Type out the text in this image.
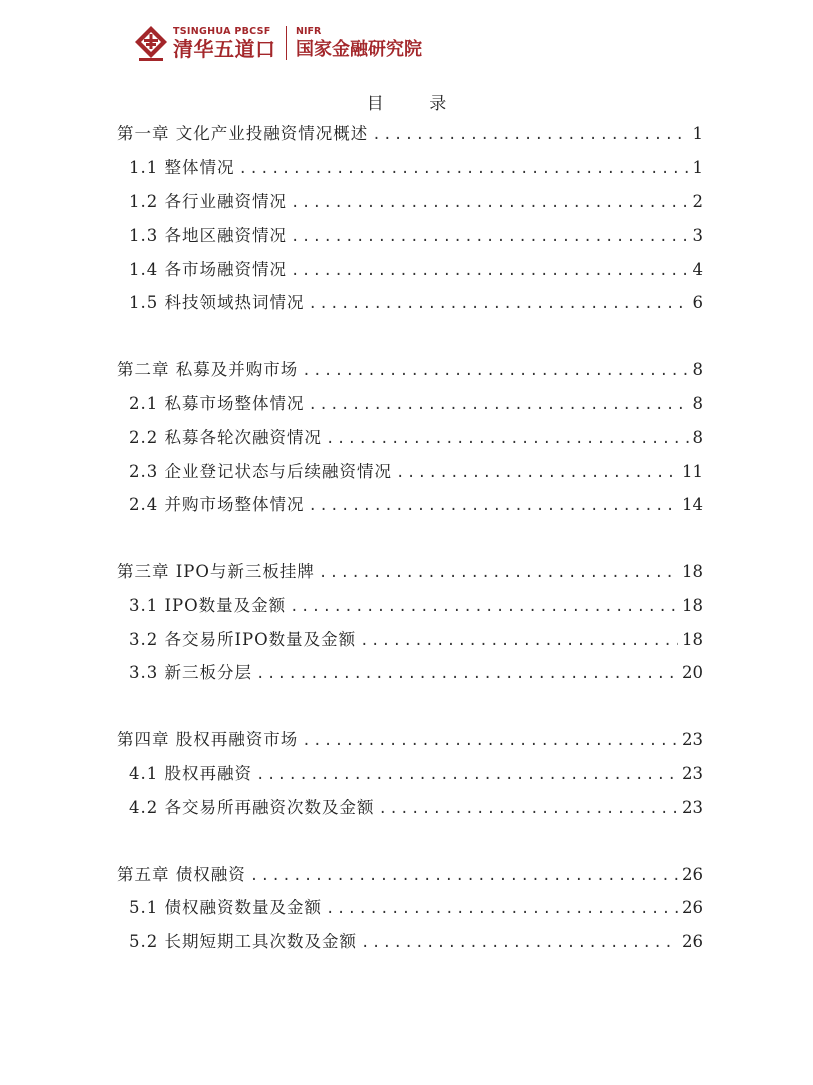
TSINGHUA PBCSF
清华五道口
NIFR
国家金融研究院
目 录
第一章 文化产业投融资情况概述 .....	1
1.1 整体情况 .....	1
1.2 各行业融资情况 .....	2
1.3 各地区融资情况 .....	3
1.4 各市场融资情况 .....	4
1.5 科技领域热词情况 .....	6
第二章 私募及并购市场 .....	8
2.1 私募市场整体情况 .....	8
2.2 私募各轮次融资情况 .....	8
2.3 企业登记状态与后续融资情况 .....	11
2.4 并购市场整体情况 .....	14
第三章 IPO与新三板挂牌 .....	18
3.1 IPO数量及金额 .....	18
3.2 各交易所IPO数量及金额 .....	18
3.3 新三板分层 .....	20
第四章 股权再融资市场 .....	23
4.1 股权再融资 .....	23
4.2 各交易所再融资次数及金额 .....	23
第五章 债权融资 .....	26
5.1 债权融资数量及金额 .....	26
5.2 长期短期工具次数及金额 .....	26
